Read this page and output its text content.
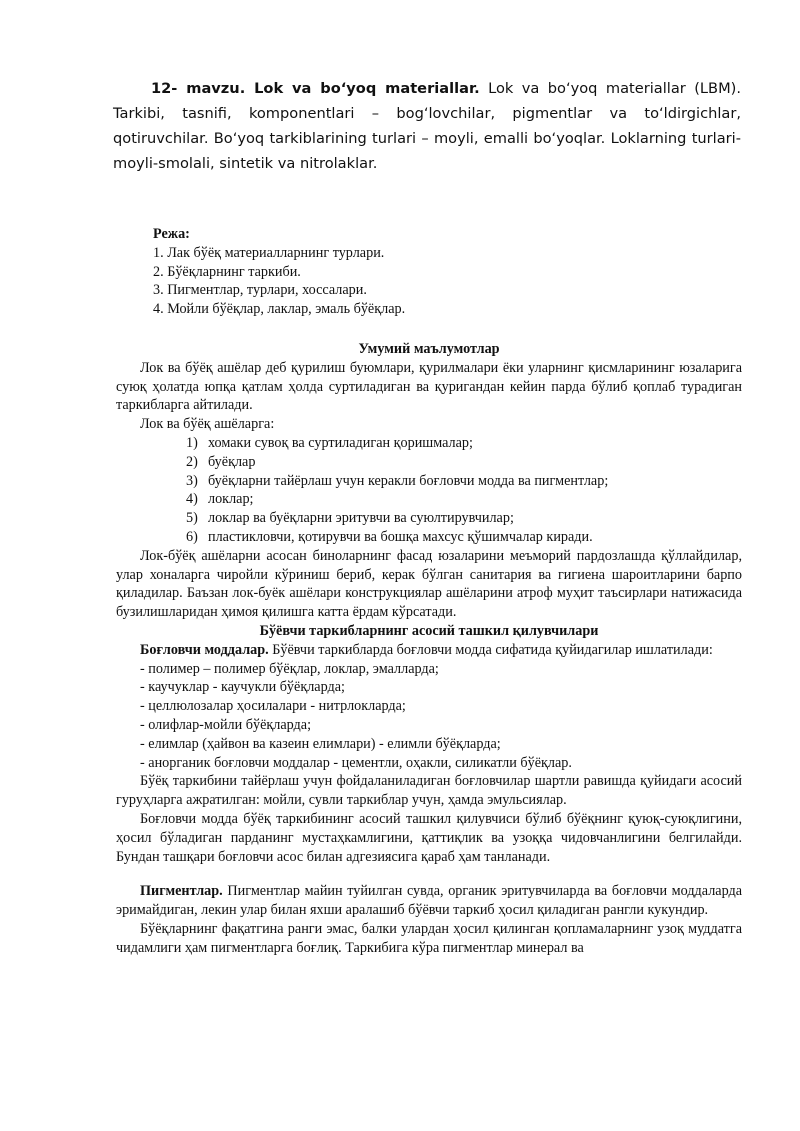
12- mavzu. Lok va bo‘yoq materiallar. Lok va bo‘yoq materiallar (LBM). Tarkibi, tasnifi, komponentlari – bog‘lovchilar, pigmentlar va to‘ldirgichlar, qotiruvchilar. Bo‘yoq tarkiblarining turlari – moyli, emalli bo‘yoqlar. Loklarning turlari-moyli-smolali, sintetik va nitrolaklar.

Режа:
1. Лак бўёқ материалларнинг турлари.
2. Бўёқларнинг таркиби.
3. Пигментлар, турлари, хоссалари.
4. Мойли бўёқлар, лаклар, эмаль бўёқлар.

Умумий маълумотлар

Лок ва бўёқ ашёлар деб қурилиш буюмлари, қурилмалари ёки уларнинг қисмларининг юзаларига суюқ ҳолатда юпқа қатлам ҳолда суртиладиган ва қуригандан кейин парда бўлиб қоплаб турадиган таркибларга айтилади.

Лок ва бўёқ ашёларга:

1) хомаки сувоқ ва суртиладиган қоришмалар;
2) буёқлар
3) буёқларни тайёрлаш учун керакли боғловчи модда ва пигментлар;
4) локлар;
5) локлар ва буёқларни эритувчи ва суюлтирувчилар;
6) пластикловчи, қотирувчи ва бошқа махсус қўшимчалар киради.

Лок-бўёқ ашёларни асосан биноларнинг фасад юзаларини меъморий пардозлашда қўллайдилар, улар хоналарга чиройли кўриниш бериб, керак бўлган санитария ва гигиена шароитларини барпо қиладилар. Баъзан лок-буёк ашёлари конструкциялар ашёларини атроф муҳит таъсирлари натижасида бузилишларидан ҳимоя қилишга катта ёрдам кўрсатади.

Бўёвчи таркибларнинг асосий ташкил қилувчилари

Боғловчи моддалар. Бўёвчи таркибларда боғловчи модда сифатида қуйидагилар ишлатилади:

- полимер – полимер бўёқлар, локлар, эмалларда;
- каучуклар - каучукли бўёқларда;
- целлюлозалар ҳосилалари - нитрлокларда;
- олифлар-мойли бўёқларда;
- елимлар (ҳайвон ва казеин елимлари) - елимли бўёқларда;
- анорганик боғловчи моддалар - цементли, оҳакли, силикатли бўёқлар.

Бўёқ таркибини тайёрлаш учун фойдаланиладиган боғловчилар шартли равишда қуйидаги асосий гуруҳларга ажратилган: мойли, сувли таркиблар учун, ҳамда эмульсиялар.

Боғловчи модда бўёқ таркибининг асосий ташкил қилувчиси бўлиб бўёқнинг қуюқ-суюқлигини, ҳосил бўладиган парданинг мустаҳкамлигини, қаттиқлик ва узоққа чидовчанлигини белгилайди. Бундан ташқари боғловчи асос билан адгезиясига қараб ҳам танланади.

Пигментлар. Пигментлар майин туйилган сувда, органик эритувчиларда ва боғловчи моддаларда эримайдиган, лекин улар билан яхши аралашиб бўёвчи таркиб ҳосил қиладиган рангли кукундир.

Бўёқларнинг фақатгина ранги эмас, балки улардан ҳосил қилинган қопламаларнинг узоқ муддатга чидамлиги ҳам пигментларга боғлиқ. Таркибига кўра пигментлар минерал ва
